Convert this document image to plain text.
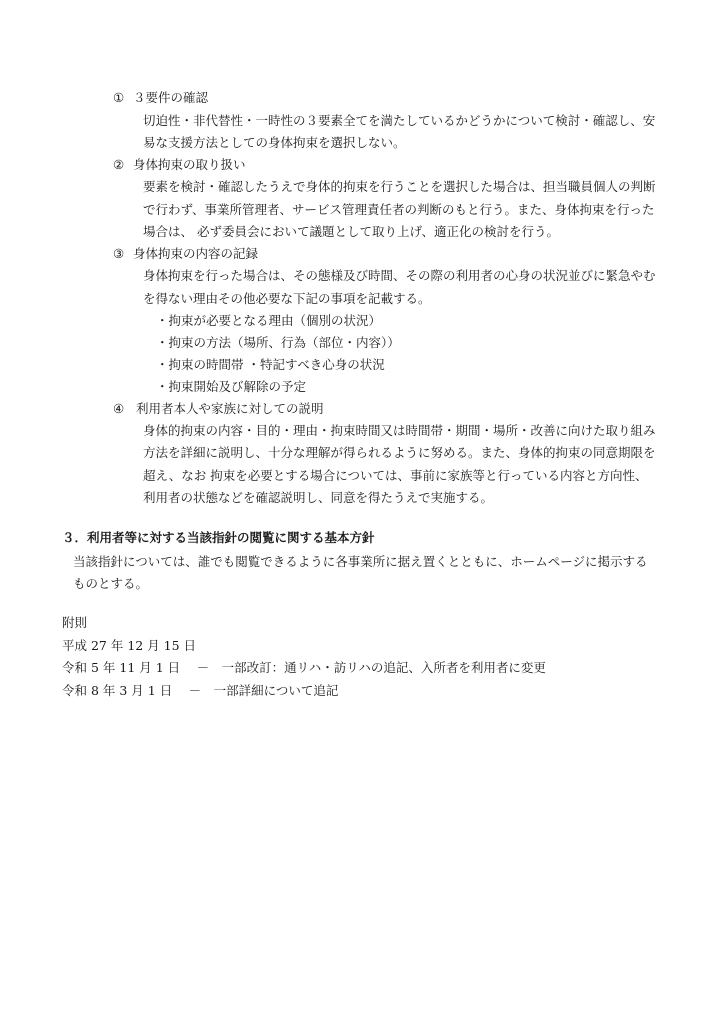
① ３要件の確認
切迫性・非代替性・一時性の３要素全てを満たしているかどうかについて検討・確認し、安
易な支援方法としての身体拘束を選択しない。
② 身体拘束の取り扱い
要素を検討・確認したうえで身体的拘束を行うことを選択した場合は、担当職員個人の判断
で行わず、事業所管理者、サービス管理責任者の判断のもと行う。また、身体拘束を行った
場合は、 必ず委員会において議題として取り上げ、適正化の検討を行う。
③ 身体拘束の内容の記録
身体拘束を行った場合は、その態様及び時間、その際の利用者の心身の状況並びに緊急やむ
を得ない理由その他必要な下記の事項を記載する。
・拘束が必要となる理由（個別の状況）
・拘束の方法（場所、行為（部位・内容））
・拘束の時間帯 ・特記すべき心身の状況
・拘束開始及び解除の予定
④ 利用者本人や家族に対しての説明
身体的拘束の内容・目的・理由・拘束時間又は時間帯・期間・場所・改善に向けた取り組み
方法を詳細に説明し、十分な理解が得られるように努める。また、身体的拘束の同意期限を
超え、なお 拘束を必要とする場合については、事前に家族等と行っている内容と方向性、
利用者の状態などを確認説明し、同意を得たうえで実施する。
３．利用者等に対する当該指針の閲覧に関する基本方針
当該指針については、誰でも閲覧できるように各事業所に据え置くとともに、ホームページに掲示する
ものとする。
附則
平成 27 年 12 月 15 日
令和 5 年 11 月 1 日　 －　一部改訂：通リハ・訪リハの追記、入所者を利用者に変更
令和 8 年 3 月 1 日　 －　一部詳細について追記
